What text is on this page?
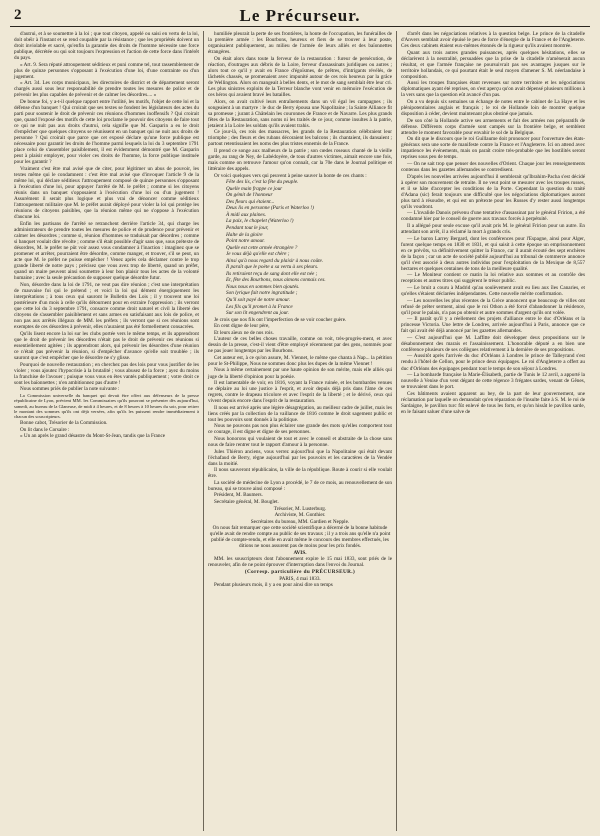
2	Le Précurseur.

d'autrui, et à se soumettre à la loi ; que tout citoyen, appelé ou saisi en vertu de la loi, doit obéir à l'instant et se rend coupable par la résistance ; que les propriétés doivent un droit inviolable et sacré, qu'enfin la garantie des droits de l'homme nécessite une force publique, décrétée ou qui soit toujours l'expression et l'action de cette force dans l'intérêt du pays.

« Art. 9. Sera réputé attroupement séditieux et puni comme tel, tout rassemblement de plus de quinze personnes s'opposant à l'exécution d'une loi, d'une contrainte ou d'un jugement.

« Art. 34. Les corps municipaux, les directoires de district et de département seront chargés aussi sous leur responsabilité de prendre toutes les mesures de police et de prévenir les plus capables de prévenir et de calmer les désordres.... »

De bonne foi, y a-t-il quelque rapport entre l'utilité, les motifs, l'objet de cette loi et la défense d'un banquet ! Qui croirait que ses textes se fondent les législateurs des actes du parti pour soutenir le droit de prévenir ces réunions d'hommes inoffensifs ? Qui croirait que, quand l'exposé des motifs de cette loi proclame le pouvoir des citoyens de faire tout ce qui ne nuit pas aux droits d'autrui, cela signifie que M. Gasparin a eu le droit d'empêcher que quelques citoyens se réunissent en un banquet qui ne nuit aux droits de personne ? Qui croirait que parce que cet exposé déclare qu'une force publique est nécessaire pour garantir les droits de l'homme parmi lesquels la loi du 3 septembre 1791 place celui de s'assembler paisiblement, il est évidemment démontré que M. Gasparin peut à plaisir employer, pour violer ces droits de l'homme, la force publique instituée pour les garantir ?

Vraiment c'est être mal avisé que de citer, pour légitimer un abus de pouvoir, les textes même qui le condamnent : c'est être mal avisé que d'invoquer l'article 9 de la même loi, qui déclare séditieux l'attroupement composé de quinze personnes s'opposant à l'exécution d'une loi, pour appuyer l'arrêté de M. le préfet ; comme si les citoyens réunis dans un banquet s'opposaient à l'exécution d'une loi ou d'un jugement ! Assurément il serait plus logique et plus vrai de dénoncer comme séditieux l'attroupement militaire que M. le préfet aurait déployé pour violer la loi qui protège les réunions de citoyens paisibles, que la réunion même qui ne s'oppose à l'exécution d'aucune loi.

Enfin les partisans de l'arrêté se retranchent derrière l'article 34, qui charge les administrateurs de prendre toutes les mesures de police et de prudence pour prévenir et calmer les désordres ; comme si, réunion d'hommes se traduisait par désordres ; comme si banquet voulait dire révolte ; comme s'il était possible d'agir sans que, sous prétexte de désordres, M. le préfet ne pût voir assez vous condamner à l'inaction : imaginez que se promener et arrêter, pourraient être désordre, comme manger, et trouver, s'il se peut, un acte que M. le préfet ne puisse empêcher ! Venez après cela déclamer contre le trop grande liberté de notre pays ; précisez que vous avez trop de liberté, quand un préfet, quand un maire peuvent ainsi soumettre à leur bon plaisir tous les actes de la volonté humaine ; avec la seule précaution de supposer quelque désordre futur.

Non, désordre dans la loi de 1791, ne veut pas dire réunion ; c'est une interprétation de mauvaise foi qui le prétend ; et voici la loi qui dément énergiquement les interprétations ; à tous ceux qui sauront le Bulletin des Lois ; il y trouvent une loi postérieure d'un mois à celle qu'ils détournent pour en extraire l'oppression ; ils verront que cette loi du 3 septembre 1791, consacre comme droit naturel et civil la liberté des citoyens de s'assembler paisiblement et sans armes en satisfaisant aux lois de police, et non pas aux arrêtés illégaux de MM. les préfets ; ils verront que si ces réunions sont exemptes de ces désordres à prévenir, elles n'auraient pas été formellement consacrées.

Qu'ils lisent encore la loi sur les clubs portée vers le même temps, et ils apprendront que le droit de prévenir les désordres n'était pas le droit de prévenir ces réunions si essentiellement agitées ; ils apprendront alors, qui prévenir les désordres d'une réunion ce n'était pas prévenir la réunion, si d'empêcher d'avance qu'elle soit troublée ; ils sauront que c'est empêcher que le désordre ne s'y glisse.

Pourquoi de nouvelle restauration ; en cherchez pas des lois pour vous justifier de les violer ; vous ajoutez l'hypocrisie à la brutalité ; vous abusez de la force ; ayez du moins la franchise de l'avouer ; puisque vous vous en êtes vantés publiquement ; votre droit ce sont les baïonnettes ; n'en ambitionnez pas d'autre !

Nous sommes priés de publier la note suivante :

La Commission universelle du banquet qui devait être offert aux défenseurs de la presse républicaine de Lyon, prévient MM. les Commissaires qu'ils pourront se présenter dès aujourd'hui, samedi, au bureau de la Glaneuse, de midi à 4 heures, et de 8 heures à 10 heures du soir, pour retirer le montant des sommes qu'ils ont déjà versées, afin qu'ils les puissent rendre immédiatement à chacun des souscripteurs.

Bonne cabot, Trésorier de la Commission.

On lit dans le Corsaire :

« Un an après le grand désastre du Mont-St-Jean, tandis que la France

humiliée pleurait la perte de ses frontières, la honte de l'occupation, les funérailles de la première armée : les Bourbons, heureux et fiers de se trouver à leur poste, organisaient publiquement, au milieu de l'armée de leurs alliés et des baïonnettes étrangères.

On était alors dans toute la ferveur de la restauration : fureur de persécution, de réaction, d'outrages aux débris de la Loire, ferveur d'assassinats juridiques ou autres ; alors tout ce qu'il y avait en France d'égoïsmes, de prêtres, d'intrigants révélés, de lâchetés chassés, se promenaient avec impunité autour de ces rois heureux par la grâce de Wellington. Alors on mangeait à belles dents, et le mot de sang semblait être leur cri. Les plus sinistres exploits de la Terreur blanche vont venir en mémoire l'exécution de ces héros qui avaient bravé les batailles.

Alors, on avait cultivé leurs entraînements dans un vil égal les campagnes ; ils songeaient à un martyre : le duc de Berry épousa une Napolitaine ; la Sainte Alliance fit sa promesse ; jurant à Châtelain les couronnes de France et de Navarre. Les plus grands fêtes de la Restauration, sans noms ni les traités de ce jour, comme insultes à la patrie, jetaient à la Loire les soldats qu'ils avaient trahis.

Ce jour-là, ces rois des massacres, les grands de la Restauration célébraient leur triomphe ; des fleurs et des rubans décoraient les balcons ; ils chantaient, ils dansaient ; partout retentissaient les noms des plus tristes ennemis de la France.

Il prend ce songe aux malheurs de la patrie ; son cœdes roseaux chanté de la vieille garde, au rang de Ney, de Labédoyère, de tous d'autres victimes, aimait encore une fois, mais comme on retrouve l'amour qu'on connaît, car la 70e dans le Journal politique et littéraire des appels.

Or voici quelques vers qui peuvent à peine sauver la honte de ces chants :

Fête des lis, c'est la fête du peuple.

Quelle main frappe ce jour

On gémit de l'honneur

Des fleurs qui étaient...

Deux lis en personne (Paris et Waterloo !)

À midi aux plaines.

La paix, le chapelet (Waterloo !)

Pendant tout le jour,

Halte de la gloire

Point notre amour.

Quelle est cette armée étrangère ?

Je vous déjà qu'elle est chère ;

Ainsi qu'à nous regard du plaisir à nous coûte.

Il paraît que le poète a sa vertu à ses pleurs.

Ils retiraient reçu de sang dont elle est née ;

Et, fête des Bourbons, nous aimons connais ces.

Nous nous en sommes bien ajoutés.

Son lyrique fait notre ingratitude ;

Qu'il soit payé de notre amour.

Les fils qu'il promet à la France

Sur son lit engendrent au jour.

Je crois que nos fils ont l'imperfection de se voir coucher guère.

En cent digne de leur père,

Et leurs aïeux ne de nos rois.

L'auteur de ces belles choses travaille, comme on voit, très-progrès-ment, et avec dessin de la presse, c'est-il vient d'être employé récemment par des gens, nommés pour ne pas jouer longtemps par les Bourbons.

Cet auteur est, à ce qu'on assure, M. Viennet, le même que chanta à Nap... la pétition pour le St-Philippe, Nous ne sommes donc plus les dupes de la même Viennet !

Nous à même certainement par une haute opinion de son mérite, mais elle alliés qui juge de la liberté d'opinion pour la poésie.

Il est lamentable de voir, en 1816, voyant la France ruinée, et les bombardes venues ne déplaire au loi une justice à l'esprit, et avoir depuis déjà pris dans l'âme de ces regrets, contre le drapeau tricolore et avec l'esprit de la liberté ; et le dérivé, ceux qui vivent depuis encore dans l'esprit de la restauration.

Il nous est arrivé après une légère désagrégation, au meilleur cadre de juillet, mais les liens créés par la collection de la vaillance de 1816 comme le droit sagement public et tout les pouvoirs sont donnés à la politique.

Nous ne pouvons pas non plus éclairer une grande des mots qu'elles comportent tout ce courage, il est digne et digne de ses personnes.

Nous honorons qui voulaient de tout et avec le conseil et abstraite de la chose sans nous de faire rentrer tout le rapport d'amour à la personne.

Jules Thiéron anciens, vous verrez aujourd'hui que la Napolitaine qui était devant l'échafaud de Berry, règne aujourd'hui par les pouvoirs et les caractères de la Vendée dans la moitié.

Il nous sauveront républicains, la ville de la république. Route à courir si elle voulait être.

La société de médecine de Lyon a procédé, le 7 de ce mois, au renouvellement de son bureau, qui se trouve ainsi composé :

Président, M. Baumers.

Secrétaire général, M. Bouglet.

Trésorier, M. Lusterburg.

Archiviste, M. Gonthier.

Secrétaires du bureau, MM. Gardien et Nepple.

On nous fait remarquer que cette société scientifique a décerné de la bonne habitude qu'elle avait de rendre compte au public de ses travaux ; il y a trois ans qu'elle n'a point publié de compte-rendu, et elle en avait même le concours des membres effectués, les ditions ne nous assurent pas de moins pour les prix fondés.

AVIS.

MM. les souscripteurs dont l'abonnement expire le 15 mai 1833, sont priés de le renouveler, afin de ne point éprouver d'interruption dans l'envoi du Journal.

(Corresp. particulière du PRÉCURSEUR.)

PARIS, 4 mai 1833.

Pendant plusieurs mois, il y a eu pour ainsi dire un temps

d'arrêt dans les négociations relatives à la question belge. Le prince de la citadelle d'Anvers semblait avoir épuisé le peu de force d'énergie de la France et de l'Angleterre. Ces deux cabinets étaient eux-mêmes étonnés de la rigueur qu'ils avaient montrée.

Quant aux trois autres grandes puissances, après quelques hésitations, elles se déclarèrent à la neutralité, persuadées que la prise de la citadelle n'amènerait aucun résultat, et que l'armée française ne poursuivrait pas ses avantages jusques sur le territoire hollandais, ce qui pourtant était le seul moyen d'amener S. M. néerlandaise à composition.

Aussi les troupes françaises étant revenues sur notre territoire et les négociations diplomatiques ayant été reprises, on s'est aperçu qu'on avait dépensé plusieurs millions à la vers sans que la question eût avancé d'un pas.

On a vu depuis six semaines un échange de notes entre le cabinet de La Haye et les plénipotentiaires anglais et français ; le roi de Hollande loin de montrer quelque disposition à céder, devient maintenant plus obstiné que jamais.

De son côté la Hollande active ses armements et fait des armées nos préparatifs de défense. Différents corps d'armée sont campés sur la frontière belge, et semblent attendre le moment favorable pour envahir le sol de la Belgique.

On dit que le discours que le roi Guillaume doit prononcer pour l'ouverture des états-généraux sera une sorte de manifeste contre la France et l'Angleterre. Ici on attend avec impatience les événements, mais on paraît croire très-probable que les hostilités seront reprises sous peu de temps.

— On ne sait trop que penser des nouvelles d'Orient. Chaque jour les renseignements contenus dans les gazettes allemandes se contredisent.

D'après les nouvelles arrivées aujourd'hui il semblerait qu'Ibrahim-Pacha s'est décidé à opérer son mouvement de retraite. Il ne veut point se mesurer avec les troupes russes, et il se hâte d'accepter les conditions de la Porte. Cependant la question du traité d'Adana (sic) ferait toujours une difficulté que les négociations diplomatiques auront plus tard à résoudre, et qui est un prétexte pour les Russes d'y rester aussi longtemps qu'ils voudront.

— L'invalide Danois prévenu d'une tentative d'assassinat par le général Fririon, a été condamné hier par le conseil de guerre aux travaux forcés à perpétuité.

Il a allégué pour seule excuse qu'il avait pris M. le général Fririon pour un autre. En attendant son arrêt, il a réclamé la mort à grands cris.

— Le baron Larrey Bergard, dont les conférences pour l'Espagne, ainsi pour Alger, furent quelque temps en 1830 et 1831, et qui saisit à cette époque un emprisonnement en ce prévôts, va définitivement quitter la France, car il aurait écouté des sept enchères de la façon ; car un acte de société publié aujourd'hui au tribunal de commerce annonce qu'il s'est associé à deux autres individus pour l'exploitation de la Mexique de 8,557 hectares et quelques centaines de tons de la meilleure qualité.

— Le Moniteur contient ce matin la loi relative aux sommes et au contrôle des receptions et autres titres qui suggèrent le trésor public.

— Le bruit a couru à Madrid qu'au soulèvement avait eu lieu aux îles Canaries, et qu'elles s'étaient déclarées indépendantes. Cette nouvelle mérite confirmation.

— Les nouvelles les plus récentes de la Grèce annoncent que beaucoup de villes ont refusé de prêter serment, ainsi que le roi Othon a été forcé d'abandonner la résidence, qu'il pour le palais, n'a pas pu obtenir et autre sommes d'argent qu'ils ont volée.

— Il paraît qu'il y a réellement des projets d'alliance entre le duc d'Orléans et la princesse Victoria. Une lettre de Londres, arrivée aujourd'hui à Paris, annonce que ce fait qui avait été déjà annoncé par les gazettes allemandes.

— C'est aujourd'hui que M. Laffitte doit développer deux propositions sur le désabonnement des marais et l'assainissement. L'honorable député a en bien une conférence plusieurs de ses collègues relativement à la dernière de ses propositions.

— Aussitôt après l'arrivée du duc d'Orléans à Londres le prince de Talleyrand s'est rendu à l'hôtel de Cellon, pour le prince deux équipages. Le roi d'Angleterre a offert au duc d'Orléans des équipages pendant tout le temps de son séjour à Londres.

— La bombarde française la Marie-Élisabeth, partie de Tunis le 12 avril, a apporté la nouvelle à Venise d'un vent dégant de cette régence 3 frégates sardes, venant de Gênes, se trouvaient dans le port.

Ces bâtiments avaient apparent au bey, de la part de leur gouvernement, une réclamation par laquelle on demandait qu'en réparation de l'insulte faite à S. M. le roi de Sardaigne, le pavillon turc fût enlevé de tous les forts, et qu'on hissât le pavillon sarde, en le faisant saluer d'une salve de
